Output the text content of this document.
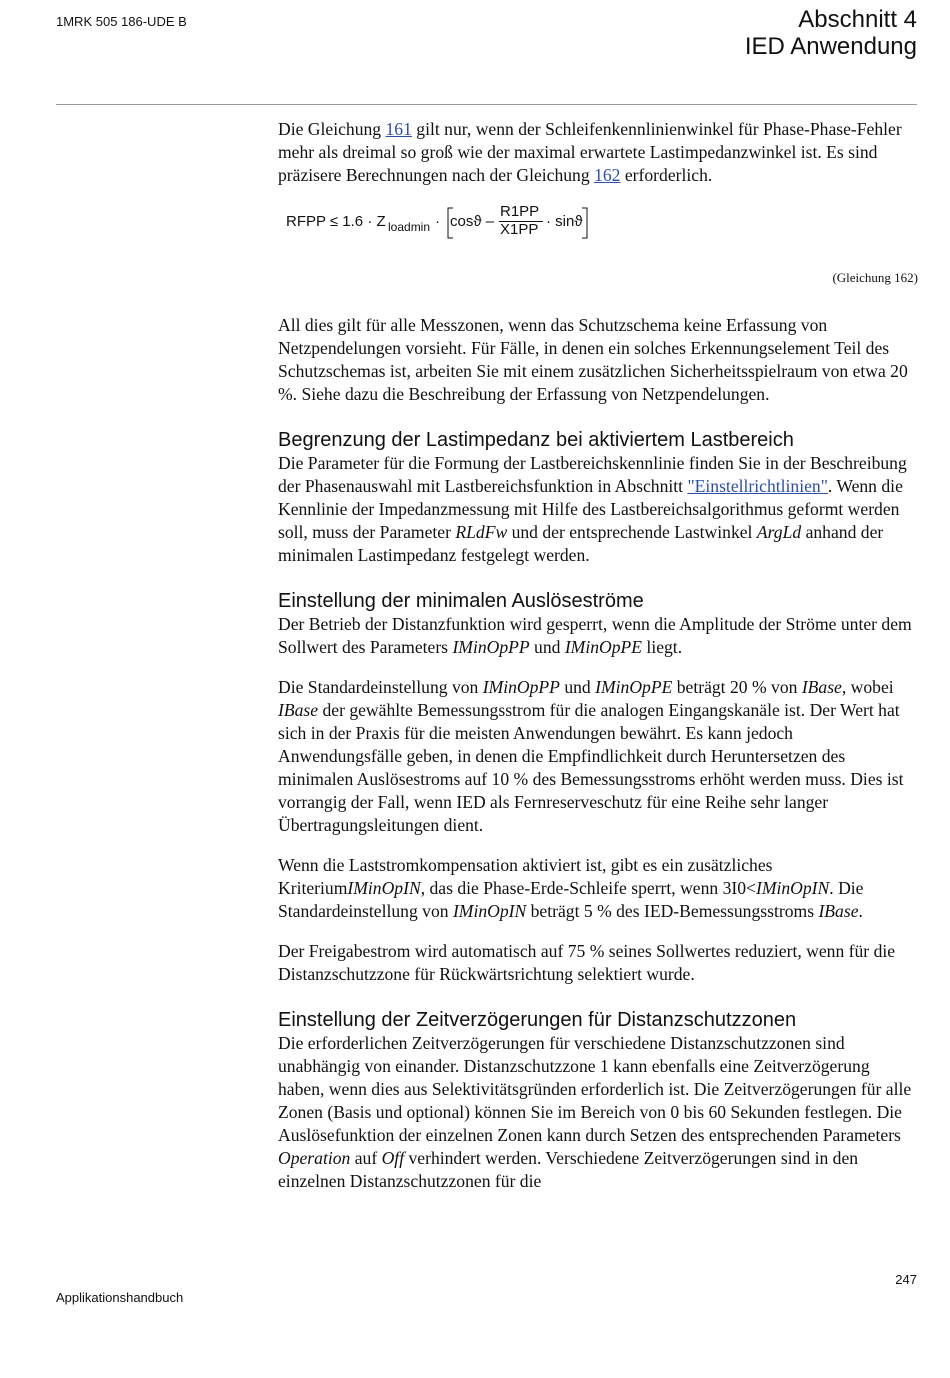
1MRK 505 186-UDE B	Abschnitt 4
IED Anwendung

Die Gleichung 161 gilt nur, wenn der Schleifenkennlinienwinkel für Phase-Phase-Fehler mehr als dreimal so groß wie der maximal erwartete Lastimpedanzwinkel ist. Es sind präzisere Berechnungen nach der Gleichung 162 erforderlich.

RFPP ≤ 1.6 · Z loadmin · cosϑ –
R1PP
X1PP · sinϑ
(Gleichung 162)

All dies gilt für alle Messzonen, wenn das Schutzschema keine Erfassung von Netzpendelungen vorsieht. Für Fälle, in denen ein solches Erkennungselement Teil des Schutzschemas ist, arbeiten Sie mit einem zusätzlichen Sicherheitsspielraum von etwa 20 %. Siehe dazu die Beschreibung der Erfassung von Netzpendelungen.

Begrenzung der Lastimpedanz bei aktiviertem Lastbereich

Die Parameter für die Formung der Lastbereichskennlinie finden Sie in der Beschreibung der Phasenauswahl mit Lastbereichsfunktion in Abschnitt "Einstellrichtlinien". Wenn die Kennlinie der Impedanzmessung mit Hilfe des Lastbereichsalgorithmus geformt werden soll, muss der Parameter RLdFw und der entsprechende Lastwinkel ArgLd anhand der minimalen Lastimpedanz festgelegt werden.

Einstellung der minimalen Auslöseströme

Der Betrieb der Distanzfunktion wird gesperrt, wenn die Amplitude der Ströme unter dem Sollwert des Parameters IMinOpPP und IMinOpPE liegt.

Die Standardeinstellung von IMinOpPP und IMinOpPE beträgt 20 % von IBase, wobei IBase der gewählte Bemessungsstrom für die analogen Eingangskanäle ist. Der Wert hat sich in der Praxis für die meisten Anwendungen bewährt. Es kann jedoch Anwendungsfälle geben, in denen die Empfindlichkeit durch Heruntersetzen des minimalen Auslösestroms auf 10 % des Bemessungsstroms erhöht werden muss. Dies ist vorrangig der Fall, wenn IED als Fernreserveschutz für eine Reihe sehr langer Übertragungsleitungen dient.

Wenn die Laststromkompensation aktiviert ist, gibt es ein zusätzliches KriteriumIMinOpIN, das die Phase-Erde-Schleife sperrt, wenn 3I0<IMinOpIN. Die Standardeinstellung von IMinOpIN beträgt 5 % des IED-Bemessungsstroms IBase.

Der Freigabestrom wird automatisch auf 75 % seines Sollwertes reduziert, wenn für die Distanzschutzzone für Rückwärtsrichtung selektiert wurde.

Einstellung der Zeitverzögerungen für Distanzschutzzonen

Die erforderlichen Zeitverzögerungen für verschiedene Distanzschutzzonen sind unabhängig von einander. Distanzschutzzone 1 kann ebenfalls eine Zeitverzögerung haben, wenn dies aus Selektivitätsgründen erforderlich ist. Die Zeitverzögerungen für alle Zonen (Basis und optional) können Sie im Bereich von 0 bis 60 Sekunden festlegen. Die Auslösefunktion der einzelnen Zonen kann durch Setzen des entsprechenden Parameters Operation auf Off verhindert werden. Verschiedene Zeitverzögerungen sind in den einzelnen Distanzschutzzonen für die

247
Applikationshandbuch
